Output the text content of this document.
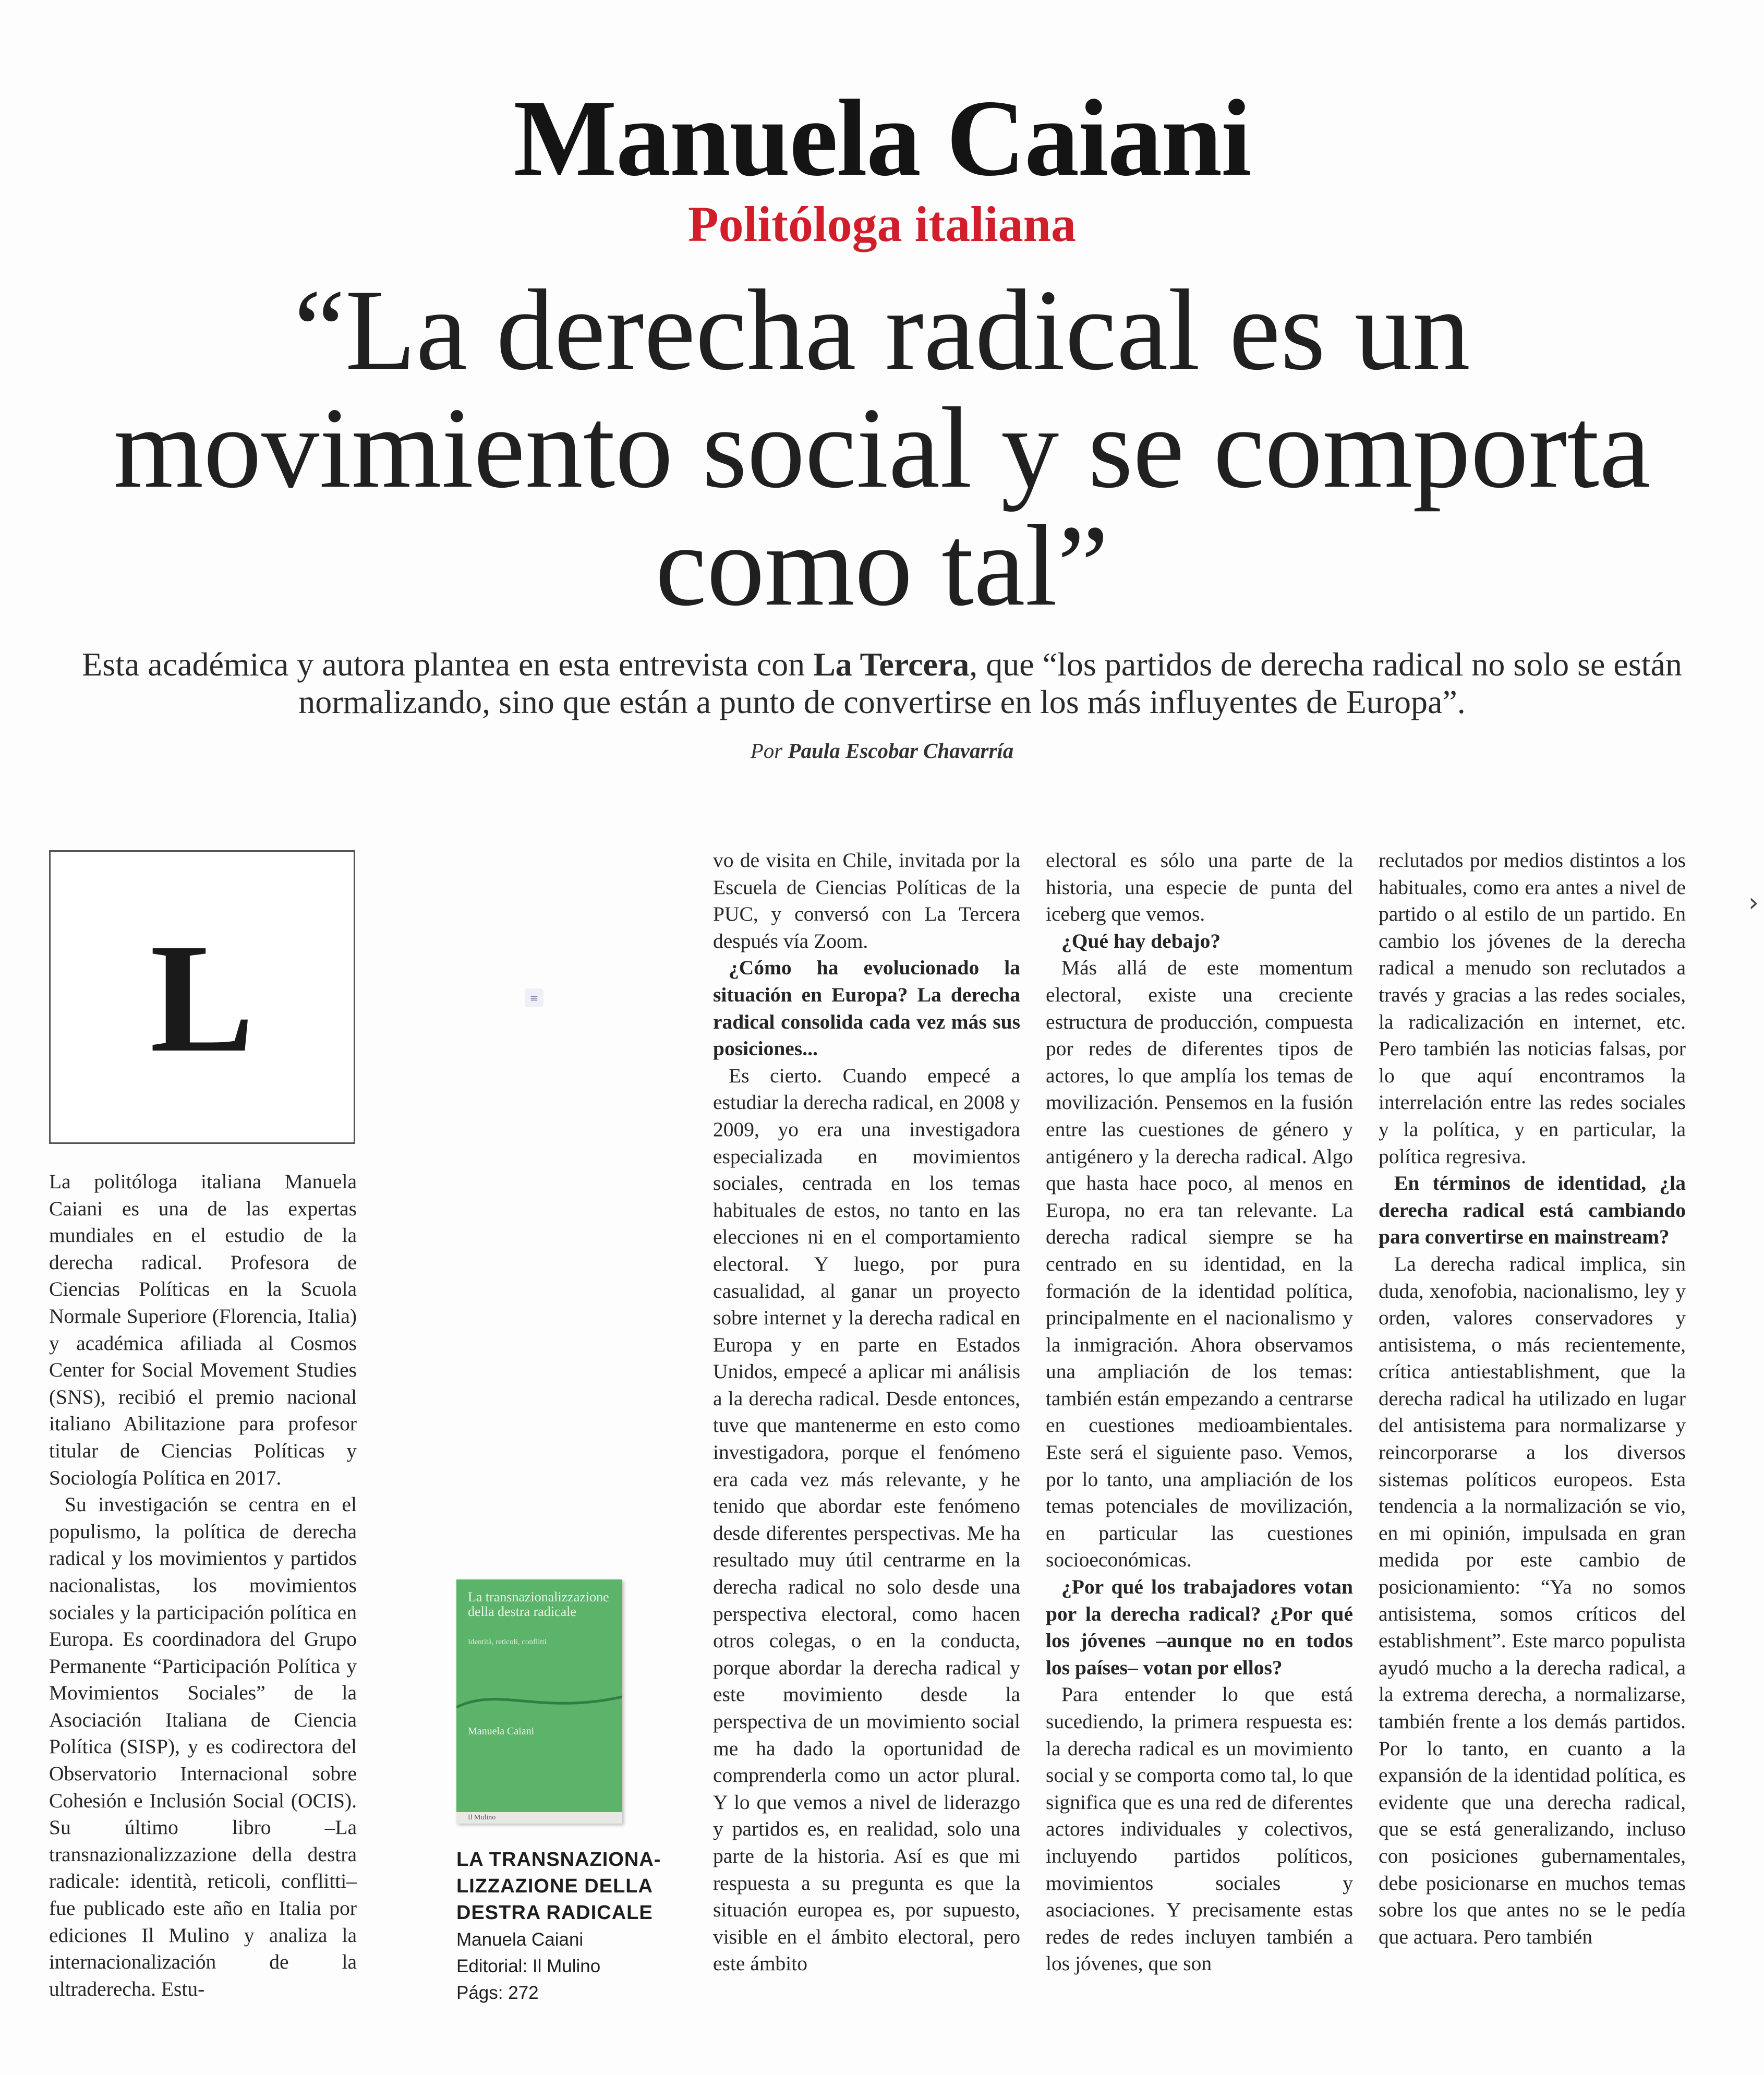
Manuela Caiani
Politóloga italiana
“La derecha radical es un movimiento social y se comporta como tal”
Esta académica y autora plantea en esta entrevista con La Tercera, que “los partidos de derecha radical no solo se están normalizando, sino que están a punto de convertirse en los más influyentes de Europa”.
Por Paula Escobar Chavarría
L

La politóloga italiana Manuela Caiani es una de las expertas mundiales en el estudio de la derecha radical. Profesora de Ciencias Políticas en la Scuola Normale Superiore (Florencia, Italia) y académica afiliada al Cosmos Center for Social Movement Studies (SNS), recibió el premio nacional italiano Abilitazione para profesor titular de Ciencias Políticas y Sociología Política en 2017.

Su investigación se centra en el populismo, la política de derecha radical y los movimientos y partidos nacionalistas, los movimientos sociales y la participación política en Europa. Es coordinadora del Grupo Permanente “Participación Política y Movimientos Sociales” de la Asociación Italiana de Ciencia Política (SISP), y es codirectora del Observatorio Internacional sobre Cohesión e Inclusión Social (OCIS). Su último libro –La transnazionalizzazione della destra radicale: identità, reticoli, conflitti– fue publicado este año en Italia por ediciones Il Mulino y analiza la internacionalización de la ultraderecha. Estu-

≡
La transnazionalizzazione della destra radicale
Identità, reticoli, conflitti
Manuela Caiani
Il Mulino
LA TRANSNAZIONA-LIZZAZIONE DELLA DESTRA RADICALE
Manuela Caiani
Editorial: Il Mulino
Págs: 272

vo de visita en Chile, invitada por la Escuela de Ciencias Políticas de la PUC, y conversó con La Tercera después vía Zoom.

¿Cómo ha evolucionado la situación en Europa? La derecha radical consolida cada vez más sus posiciones...

Es cierto. Cuando empecé a estudiar la derecha radical, en 2008 y 2009, yo era una investigadora especializada en movimientos sociales, centrada en los temas habituales de estos, no tanto en las elecciones ni en el comportamiento electoral. Y luego, por pura casualidad, al ganar un proyecto sobre internet y la derecha radical en Europa y en parte en Estados Unidos, empecé a aplicar mi análisis a la derecha radical. Desde entonces, tuve que mantenerme en esto como investigadora, porque el fenómeno era cada vez más relevante, y he tenido que abordar este fenómeno desde diferentes perspectivas. Me ha resultado muy útil centrarme en la derecha radical no solo desde una perspectiva electoral, como hacen otros colegas, o en la conducta, porque abordar la derecha radical y este movimiento desde la perspectiva de un movimiento social me ha dado la oportunidad de comprenderla como un actor plural. Y lo que vemos a nivel de liderazgo y partidos es, en realidad, solo una parte de la historia. Así es que mi respuesta a su pregunta es que la situación europea es, por supuesto, visible en el ámbito electoral, pero este ámbito

electoral es sólo una parte de la historia, una especie de punta del iceberg que vemos.

¿Qué hay debajo?

Más allá de este momentum electoral, existe una creciente estructura de producción, compuesta por redes de diferentes tipos de actores, lo que amplía los temas de movilización. Pensemos en la fusión entre las cuestiones de género y antigénero y la derecha radical. Algo que hasta hace poco, al menos en Europa, no era tan relevante. La derecha radical siempre se ha centrado en su identidad, en la formación de la identidad política, principalmente en el nacionalismo y la inmigración. Ahora observamos una ampliación de los temas: también están empezando a centrarse en cuestiones medioambientales. Este será el siguiente paso. Vemos, por lo tanto, una ampliación de los temas potenciales de movilización, en particular las cuestiones socioeconómicas.

¿Por qué los trabajadores votan por la derecha radical? ¿Por qué los jóvenes –aunque no en todos los países– votan por ellos?

Para entender lo que está sucediendo, la primera respuesta es: la derecha radical es un movimiento social y se comporta como tal, lo que significa que es una red de diferentes actores individuales y colectivos, incluyendo partidos políticos, movimientos sociales y asociaciones. Y precisamente estas redes de redes incluyen también a los jóvenes, que son

reclutados por medios distintos a los habituales, como era antes a nivel de partido o al estilo de un partido. En cambio los jóvenes de la derecha radical a menudo son reclutados a través y gracias a las redes sociales, la radicalización en internet, etc. Pero también las noticias falsas, por lo que aquí encontramos la interrelación entre las redes sociales y la política, y en particular, la política regresiva.

En términos de identidad, ¿la derecha radical está cambiando para convertirse en mainstream?

La derecha radical implica, sin duda, xenofobia, nacionalismo, ley y orden, valores conservadores y antisistema, o más recientemente, crítica antiestablishment, que la derecha radical ha utilizado en lugar del antisistema para normalizarse y reincorporarse a los diversos sistemas políticos europeos. Esta tendencia a la normalización se vio, en mi opinión, impulsada en gran medida por este cambio de posicionamiento: “Ya no somos antisistema, somos críticos del establishment”. Este marco populista ayudó mucho a la derecha radical, a la extrema derecha, a normalizarse, también frente a los demás partidos. Por lo tanto, en cuanto a la expansión de la identidad política, es evidente que una derecha radical, que se está generalizando, incluso con posiciones gubernamentales, debe posicionarse en muchos temas sobre los que antes no se le pedía que actuara. Pero también

›
